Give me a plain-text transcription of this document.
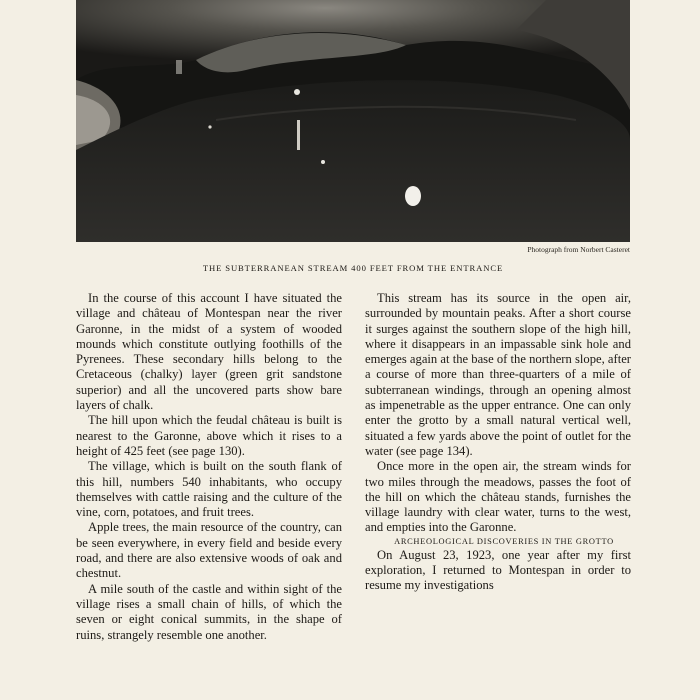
Photograph from Norbert Casteret
THE SUBTERRANEAN STREAM 400 FEET FROM THE ENTRANCE

In the course of this account I have situated the village and château of Montespan near the river Garonne, in the midst of a system of wooded mounds which constitute outlying foothills of the Pyrenees. These secondary hills belong to the Cretaceous (chalky) layer (green grit sandstone superior) and all the uncovered parts show bare layers of chalk.

The hill upon which the feudal château is built is nearest to the Garonne, above which it rises to a height of 425 feet (see page 130).

The village, which is built on the south flank of this hill, numbers 540 inhabitants, who occupy themselves with cattle raising and the culture of the vine, corn, potatoes, and fruit trees.

Apple trees, the main resource of the country, can be seen everywhere, in every field and beside every road, and there are also extensive woods of oak and chestnut.

A mile south of the castle and within sight of the village rises a small chain of hills, of which the seven or eight conical summits, in the shape of ruins, strangely resemble one another.

This stream has its source in the open air, surrounded by mountain peaks. After a short course it surges against the southern slope of the high hill, where it disappears in an impassable sink hole and emerges again at the base of the northern slope, after a course of more than three-quarters of a mile of subterranean windings, through an opening almost as impenetrable as the upper entrance. One can only enter the grotto by a small natural vertical well, situated a few yards above the point of outlet for the water (see page 134).

Once more in the open air, the stream winds for two miles through the meadows, passes the foot of the hill on which the château stands, furnishes the village laundry with clear water, turns to the west, and empties into the Garonne.

ARCHEOLOGICAL DISCOVERIES IN THE GROTTO

On August 23, 1923, one year after my first exploration, I returned to Montespan in order to resume my investigations
